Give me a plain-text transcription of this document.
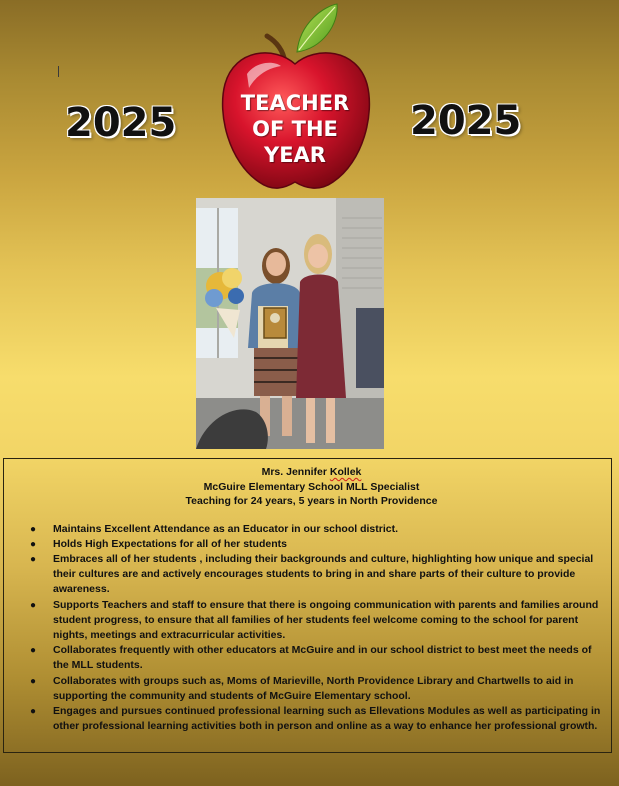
2025	2025
TEACHER
OF THE
YEAR
Mrs. Jennifer Kollek
McGuire Elementary School MLL Specialist
Teaching for 24 years, 5 years in North Providence
● Maintains Excellent Attendance as an Educator in our school district.
● Holds High Expectations for all of her students
● Embraces all of her students , including their backgrounds and culture, highlighting how unique and special their cultures are and actively encourages students to bring in and share parts of their culture to provide awareness.
● Supports Teachers and staff to ensure that there is ongoing communication with parents and families around student progress, to ensure that all families of her students feel welcome coming to the school for parent nights, meetings and extracurricular activities.
● Collaborates frequently with other educators at McGuire and in our school district to best meet the needs of the MLL students.
● Collaborates with groups such as, Moms of Marieville, North Providence Library and Chartwells to aid in supporting the community and students of McGuire Elementary school.
● Engages and pursues continued professional learning such as Ellevations Modules as well as participating in other professional learning activities both in person and online as a way to enhance her professional growth.
